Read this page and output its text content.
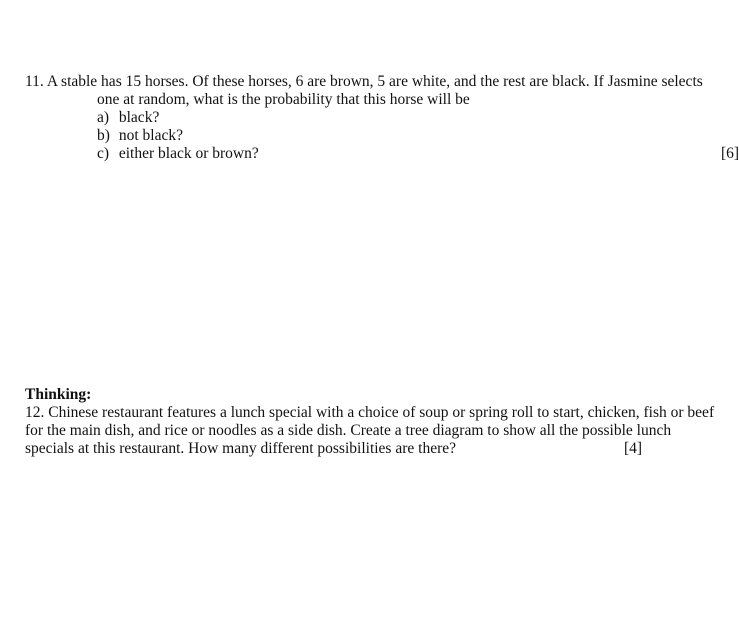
11. A stable has 15 horses. Of these horses, 6 are brown, 5 are white, and the rest are black. If Jasmine selects
one at random, what is the probability that this horse will be
a) black?
b) not black?
c) either black or brown?	[6]
Thinking:
12. Chinese restaurant features a lunch special with a choice of soup or spring roll to start, chicken, fish or beef
for the main dish, and rice or noodles as a side dish. Create a tree diagram to show all the possible lunch
specials at this restaurant. How many different possibilities are there?	[4]
